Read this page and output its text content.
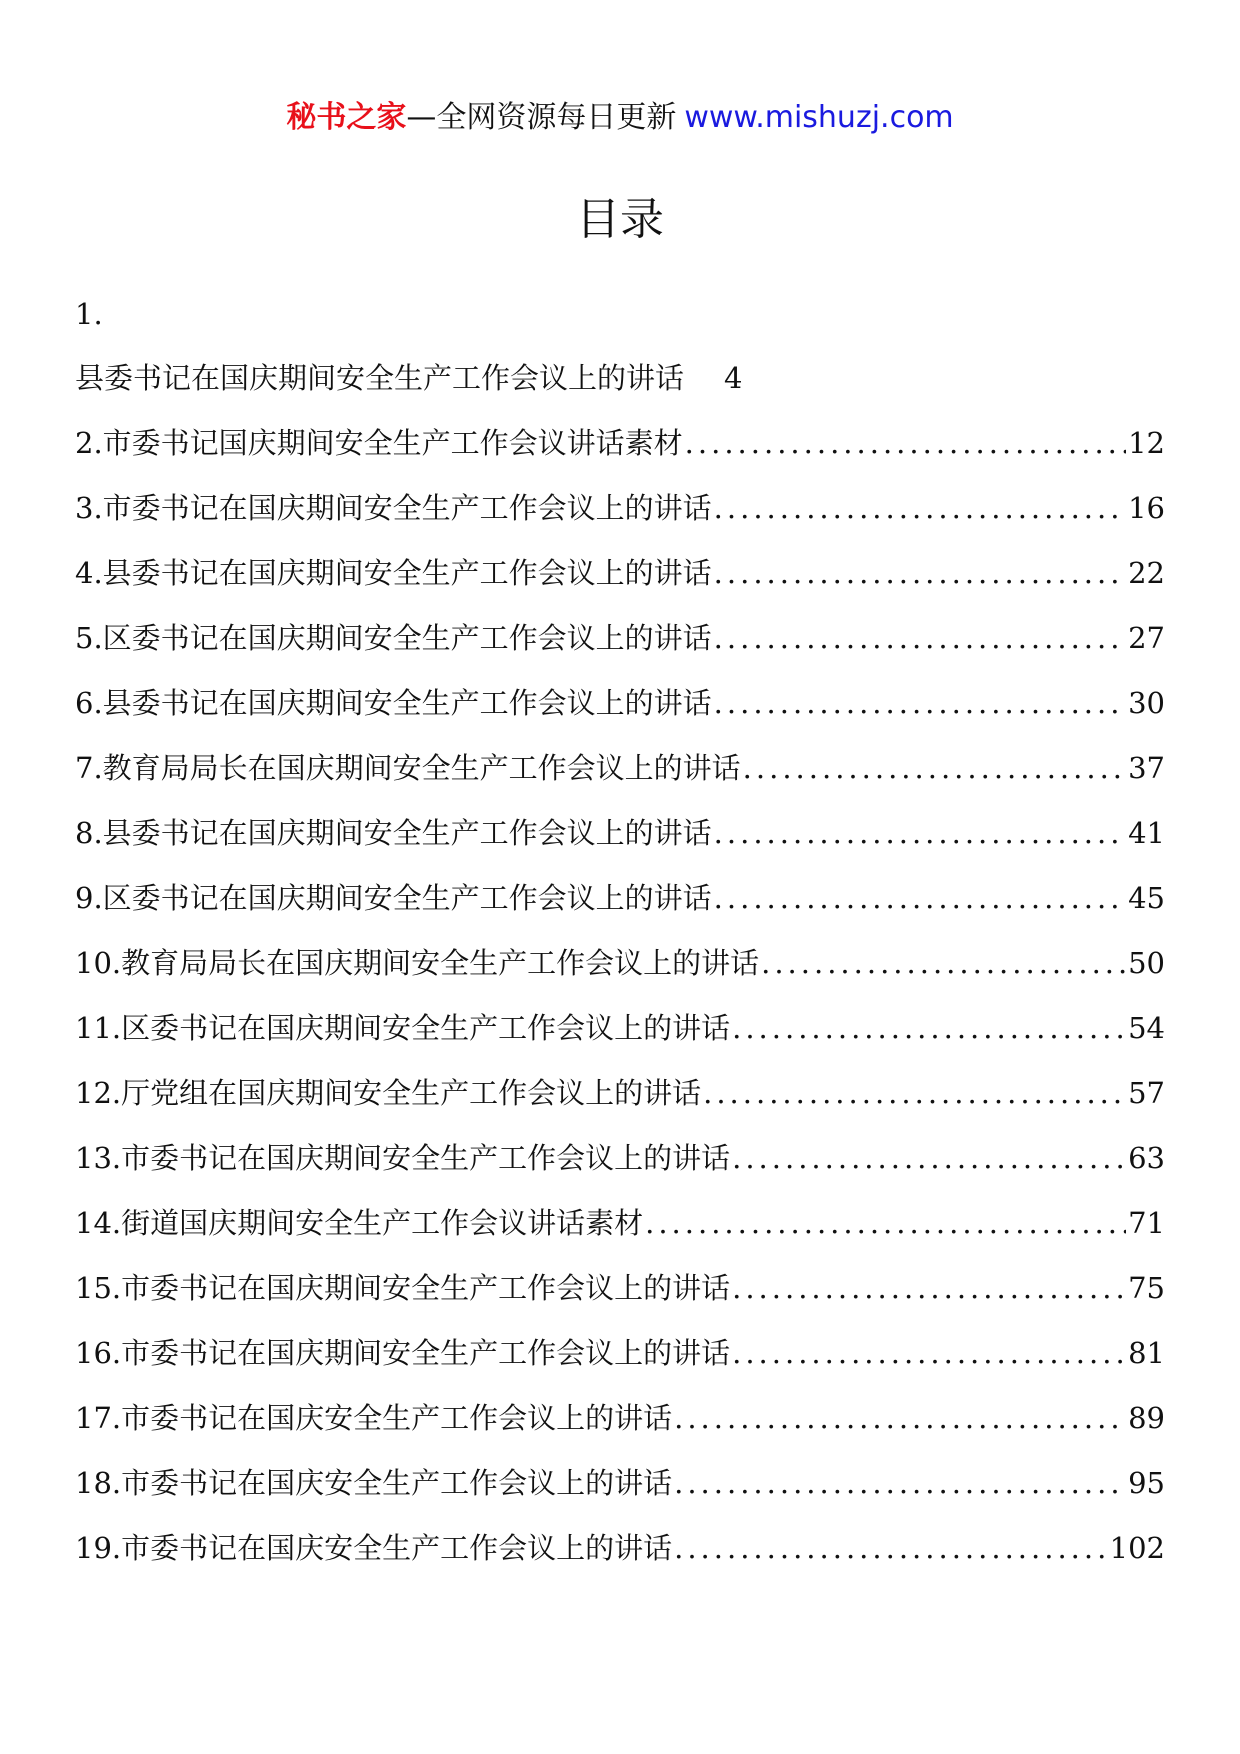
秘书之家—全网资源每日更新 www.mishuzj.com
目录
1.
县委书记在国庆期间安全生产工作会议上的讲话 4
2.市委书记国庆期间安全生产工作会议讲话素材 .....	12
3.市委书记在国庆期间安全生产工作会议上的讲话 .....	16
4.县委书记在国庆期间安全生产工作会议上的讲话 .....	22
5.区委书记在国庆期间安全生产工作会议上的讲话 .....	27
6.县委书记在国庆期间安全生产工作会议上的讲话 .....	30
7.教育局局长在国庆期间安全生产工作会议上的讲话 .....	37
8.县委书记在国庆期间安全生产工作会议上的讲话 .....	41
9.区委书记在国庆期间安全生产工作会议上的讲话 .....	45
10.教育局局长在国庆期间安全生产工作会议上的讲话 .....	50
11.区委书记在国庆期间安全生产工作会议上的讲话 .....	54
12.厅党组在国庆期间安全生产工作会议上的讲话 .....	57
13.市委书记在国庆期间安全生产工作会议上的讲话 .....	63
14.街道国庆期间安全生产工作会议讲话素材 .....	71
15.市委书记在国庆期间安全生产工作会议上的讲话 .....	75
16.市委书记在国庆期间安全生产工作会议上的讲话 .....	81
17.市委书记在国庆安全生产工作会议上的讲话 .....	89
18.市委书记在国庆安全生产工作会议上的讲话 .....	95
19.市委书记在国庆安全生产工作会议上的讲话 .....	102
